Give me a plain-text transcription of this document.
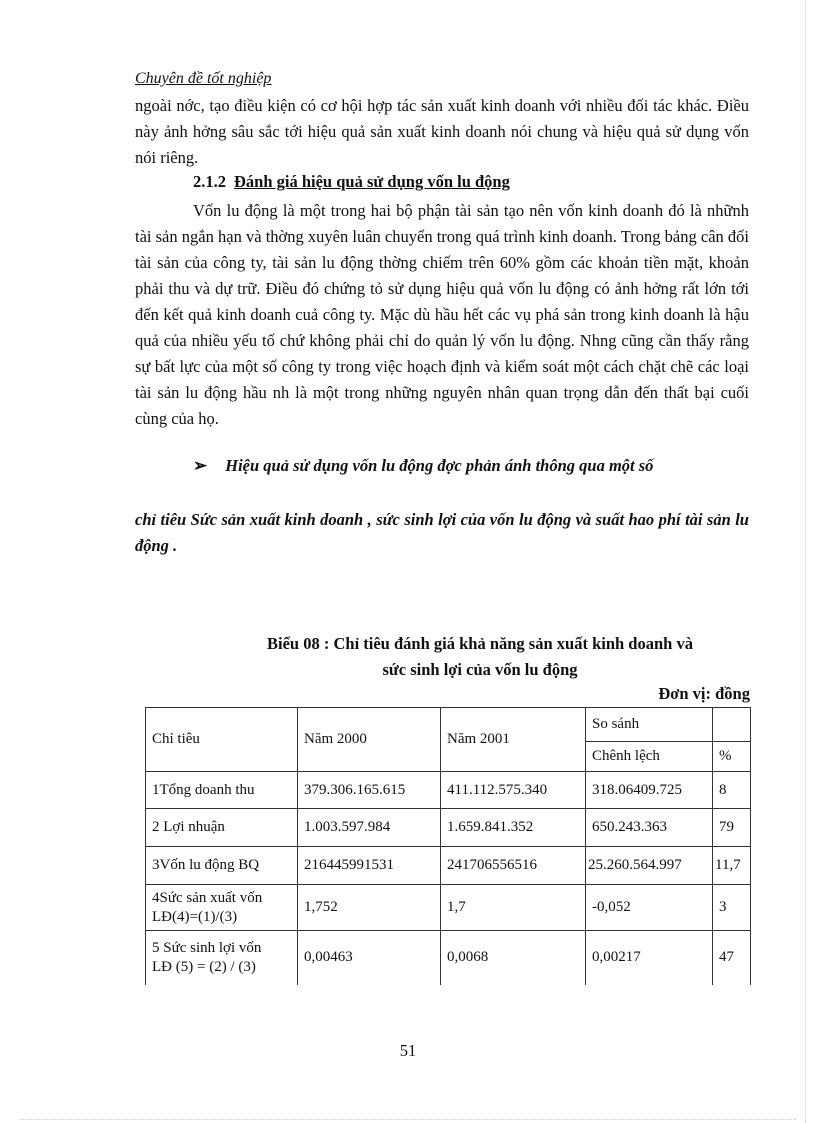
Chuyên đề tốt nghiệp
ngoài nớc, tạo điều kiện có cơ hội hợp tác sản xuất kinh doanh với nhiều đối tác khác. Điều này ảnh hởng sâu sắc tới hiệu quả sản xuất kinh doanh nói chung và hiệu quả sử dụng vốn nói riêng.
2.1.2 Đánh giá hiệu quả sử dụng vốn lu động
Vốn lu động là một trong hai bộ phận tài sản tạo nên vốn kinh doanh đó là nhữnh tài sản ngắn hạn và thờng xuyên luân chuyển trong quá trình kinh doanh. Trong bảng cân đối tài sản của công ty, tài sản lu động thờng chiếm trên 60% gồm các khoản tiền mặt, khoản phải thu và dự trữ. Điều đó chứng tỏ sử dụng hiệu quả vốn lu động có ảnh hởng rất lớn tới đến kết quả kinh doanh cuả công ty. Mặc dù hầu hết các vụ phá sản trong kinh doanh là hậu quả của nhiều yếu tố chứ không phải chỉ do quản lý vốn lu động. Nhng cũng cần thấy rằng sự bất lực của một số công ty trong việc hoạch định và kiểm soát một cách chặt chẽ các loại tài sản lu động hầu nh là một trong những nguyên nhân quan trọng dẫn đến thất bại cuối cùng của họ.
➢ Hiệu quả sử dụng vốn lu động đợc phản ánh thông qua một số
chỉ tiêu Sức sản xuất kinh doanh , sức sinh lợi của vốn lu động và suất hao phí tài sản lu động .
Biểu 08 : Chỉ tiêu đánh giá khả năng sản xuất kinh doanh và
sức sinh lợi của vốn lu động
Đơn vị: đồng
Chỉ tiêu	Năm 2000	Năm 2001	So sánh	
			Chênh lệch	%
1Tổng doanh thu	379.306.165.615	411.112.575.340	318.06409.725	8
2 Lợi nhuận	1.003.597.984	1.659.841.352	650.243.363	79
3Vốn lu động BQ	216445991531	241706556516	25.260.564.997	11,7

4Sức sản xuất vốn
LĐ(4)=(1)/(3)	1,752	1,7	-0,052	3

5 Sức sinh lợi vốn
LĐ (5) = (2) / (3)	0,00463	0,0068	0,00217	47
51
